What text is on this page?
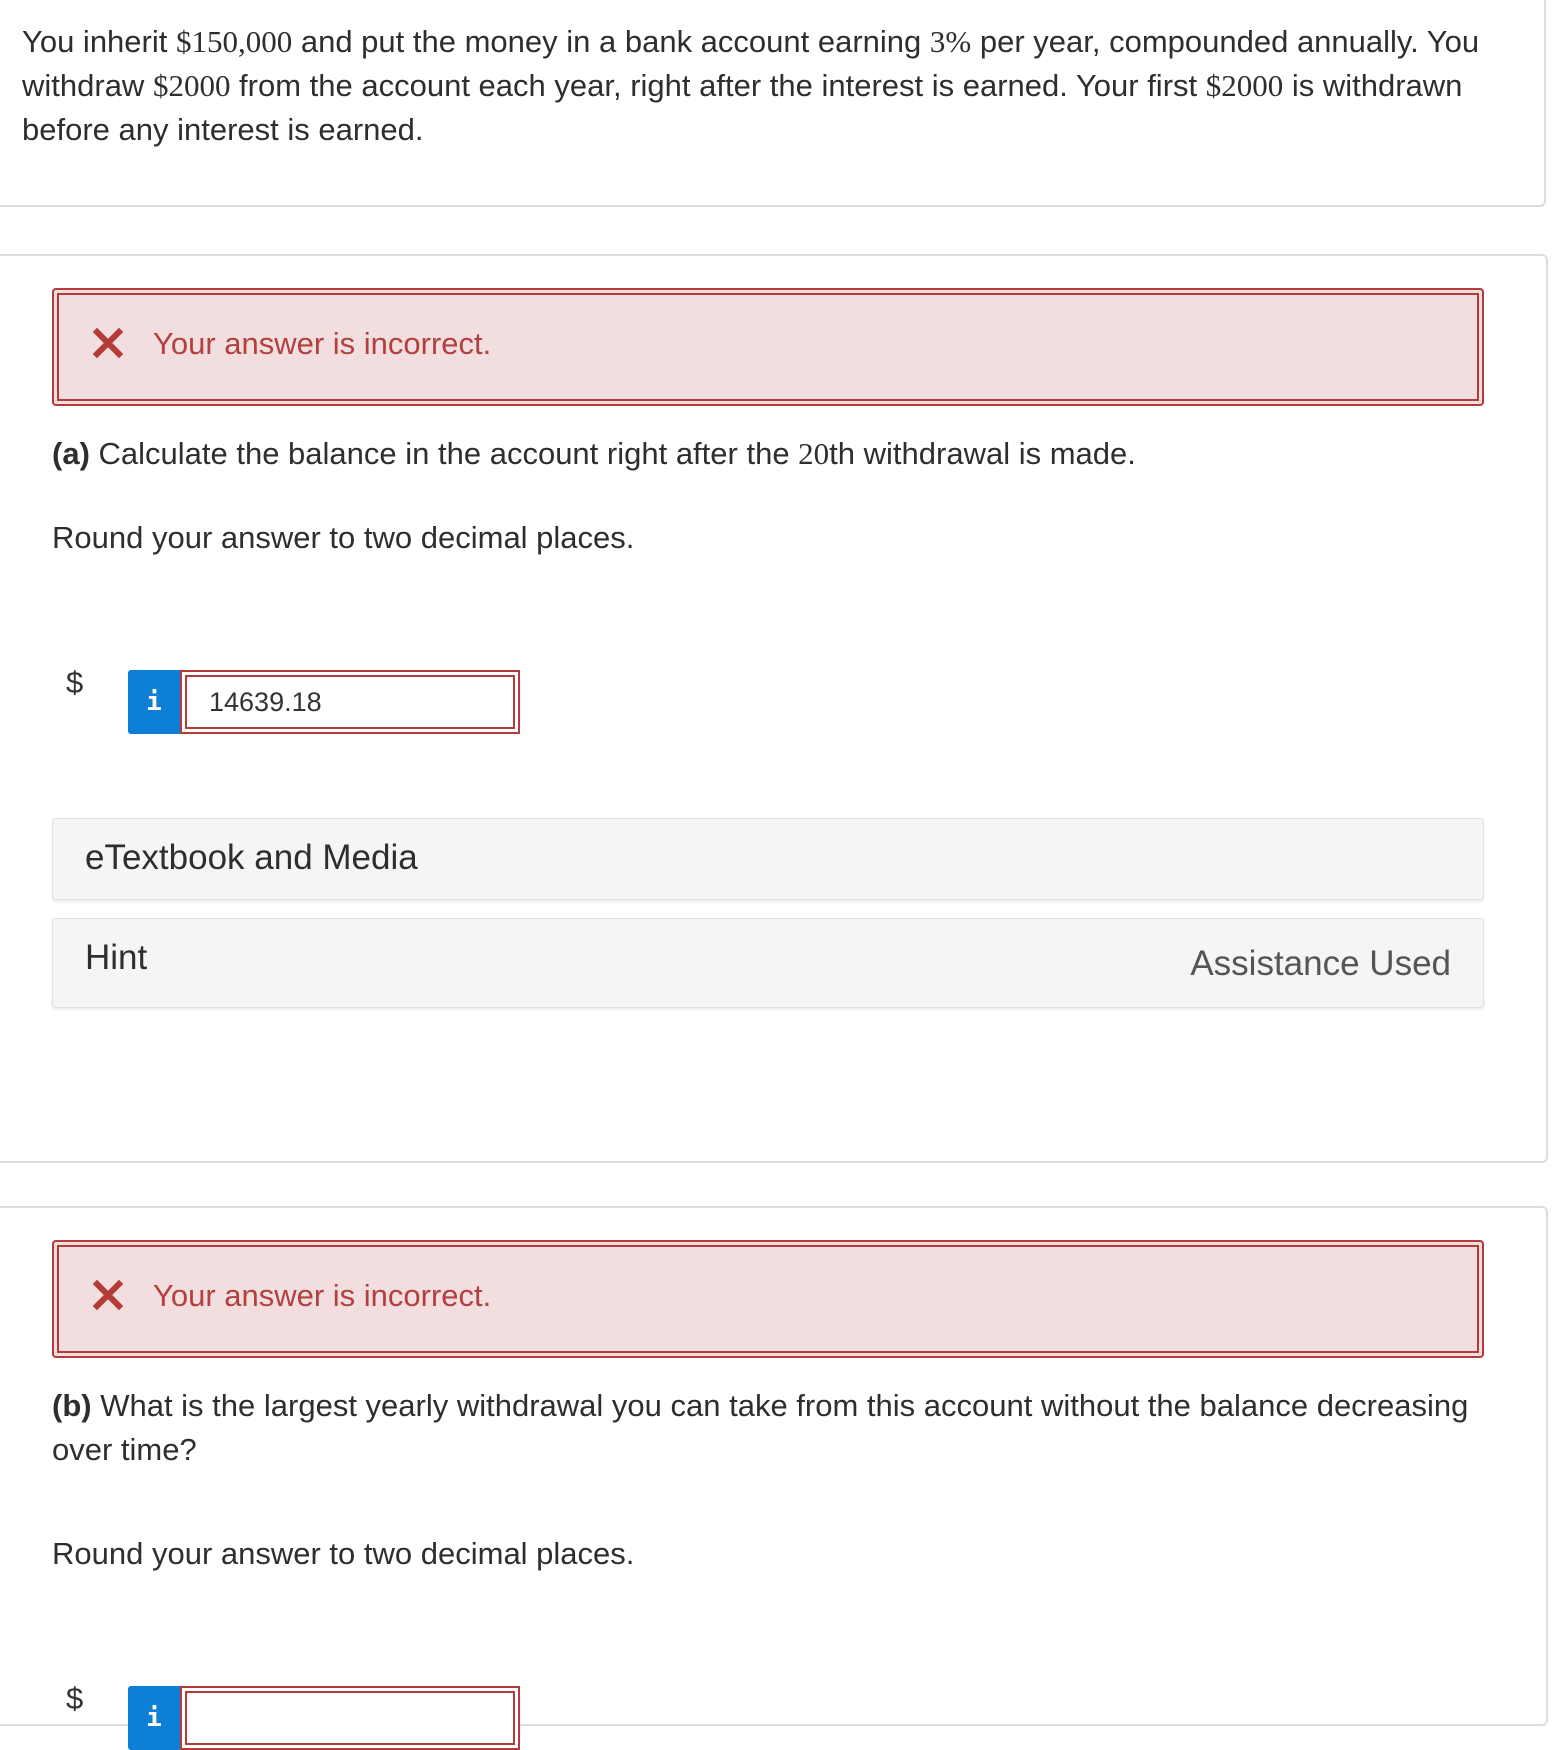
You inherit $150,000 and put the money in a bank account earning 3% per year, compounded annually. You withdraw $2000 from the account each year, right after the interest is earned. Your first $2000 is withdrawn before any interest is earned.
Your answer is incorrect.
(a) Calculate the balance in the account right after the 20th withdrawal is made.
Round your answer to two decimal places.
$
i	14639.18
eTextbook and Media
Hint	Assistance Used
Your answer is incorrect.
(b) What is the largest yearly withdrawal you can take from this account without the balance decreasing over time?
Round your answer to two decimal places.
$
i
